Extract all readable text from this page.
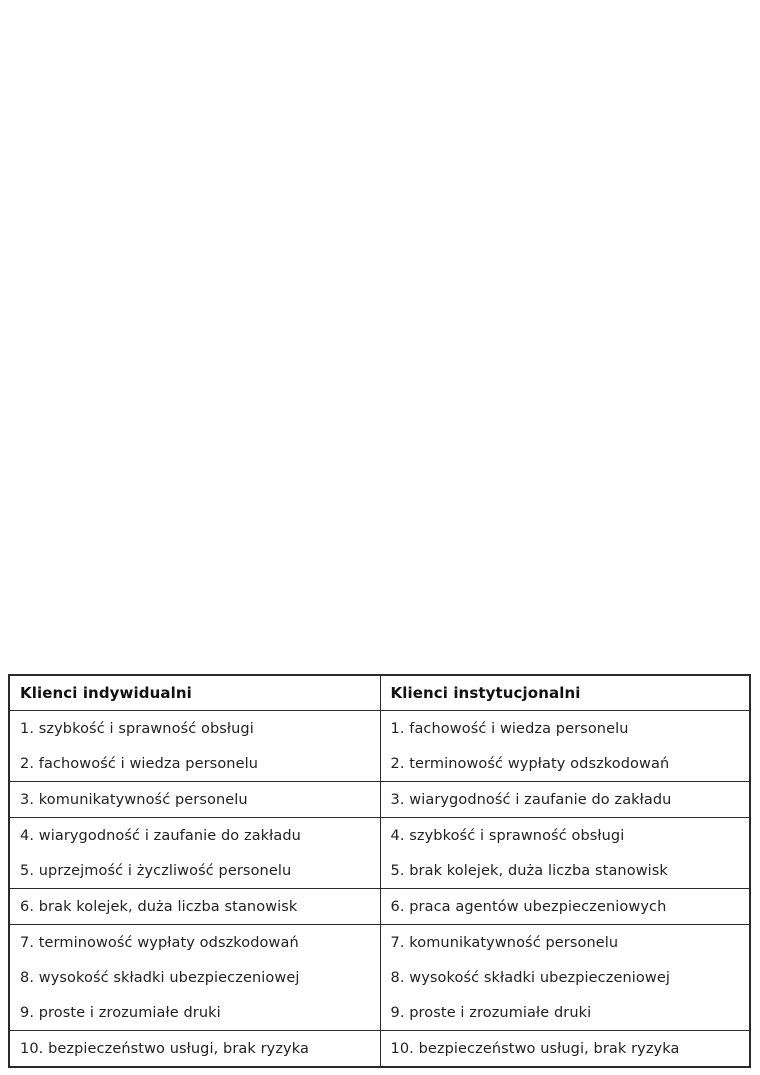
Klienci indywidualni	Klienci instytucjonalni
1. szybkość i sprawność obsługi	1. fachowość i wiedza personelu
2. fachowość i wiedza personelu	2. terminowość wypłaty odszkodowań
3. komunikatywność personelu	3. wiarygodność i zaufanie do zakładu
4. wiarygodność i zaufanie do zakładu	4. szybkość i sprawność obsługi
5. uprzejmość i życzliwość personelu	5. brak kolejek, duża liczba stanowisk
6. brak kolejek, duża liczba stanowisk	6. praca agentów ubezpieczeniowych
7. terminowość wypłaty odszkodowań	7. komunikatywność personelu
8. wysokość składki ubezpieczeniowej	8. wysokość składki ubezpieczeniowej
9. proste i zrozumiałe druki	9. proste i zrozumiałe druki
10. bezpieczeństwo usługi, brak ryzyka	10. bezpieczeństwo usługi, brak ryzyka
